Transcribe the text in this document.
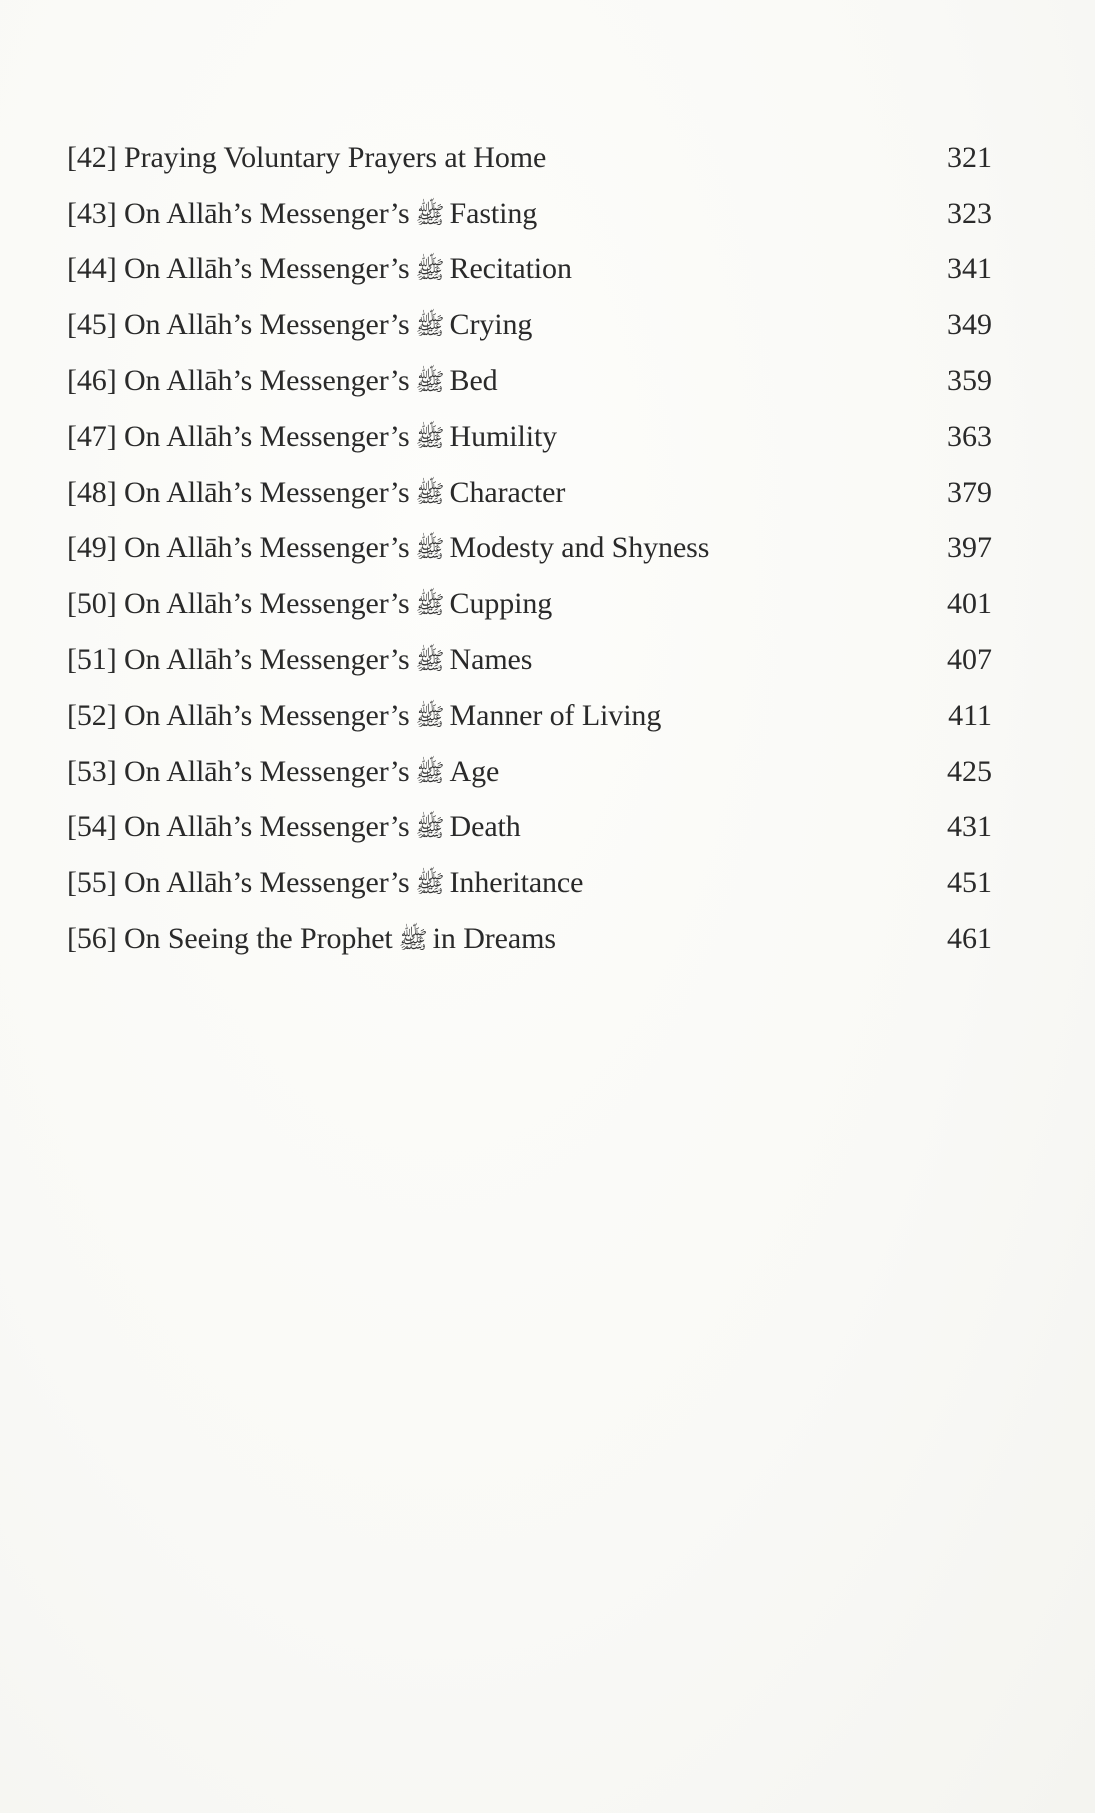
[42] Praying Voluntary Prayers at Home	321
[43] On Allāh’s Messenger’s ﷺ Fasting	323
[44] On Allāh’s Messenger’s ﷺ Recitation	341
[45] On Allāh’s Messenger’s ﷺ Crying	349
[46] On Allāh’s Messenger’s ﷺ Bed	359
[47] On Allāh’s Messenger’s ﷺ Humility	363
[48] On Allāh’s Messenger’s ﷺ Character	379
[49] On Allāh’s Messenger’s ﷺ Modesty and Shyness	397
[50] On Allāh’s Messenger’s ﷺ Cupping	401
[51] On Allāh’s Messenger’s ﷺ Names	407
[52] On Allāh’s Messenger’s ﷺ Manner of Living	411
[53] On Allāh’s Messenger’s ﷺ Age	425
[54] On Allāh’s Messenger’s ﷺ Death	431
[55] On Allāh’s Messenger’s ﷺ Inheritance	451
[56] On Seeing the Prophet ﷺ in Dreams	461
